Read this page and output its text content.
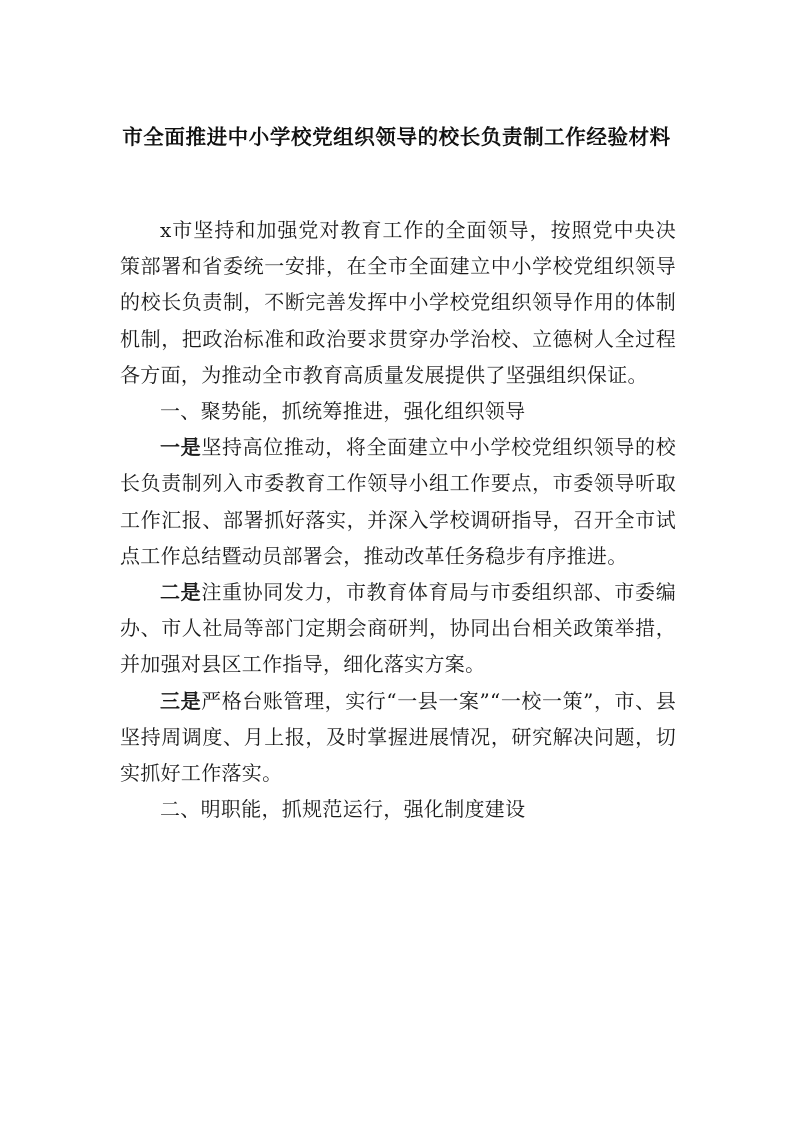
市全面推进中小学校党组织领导的校长负责制工作经验材料

x市坚持和加强党对教育工作的全面领导，按照党中央决策部署和省委统一安排，在全市全面建立中小学校党组织领导的校长负责制，不断完善发挥中小学校党组织领导作用的体制机制，把政治标准和政治要求贯穿办学治校、立德树人全过程各方面，为推动全市教育高质量发展提供了坚强组织保证。

一、聚势能，抓统筹推进，强化组织领导

一是坚持高位推动，将全面建立中小学校党组织领导的校长负责制列入市委教育工作领导小组工作要点，市委领导听取工作汇报、部署抓好落实，并深入学校调研指导，召开全市试点工作总结暨动员部署会，推动改革任务稳步有序推进。

二是注重协同发力，市教育体育局与市委组织部、市委编办、市人社局等部门定期会商研判，协同出台相关政策举措，并加强对县区工作指导，细化落实方案。

三是严格台账管理，实行“一县一案”“一校一策”，市、县坚持周调度、月上报，及时掌握进展情况，研究解决问题，切实抓好工作落实。

二、明职能，抓规范运行，强化制度建设
